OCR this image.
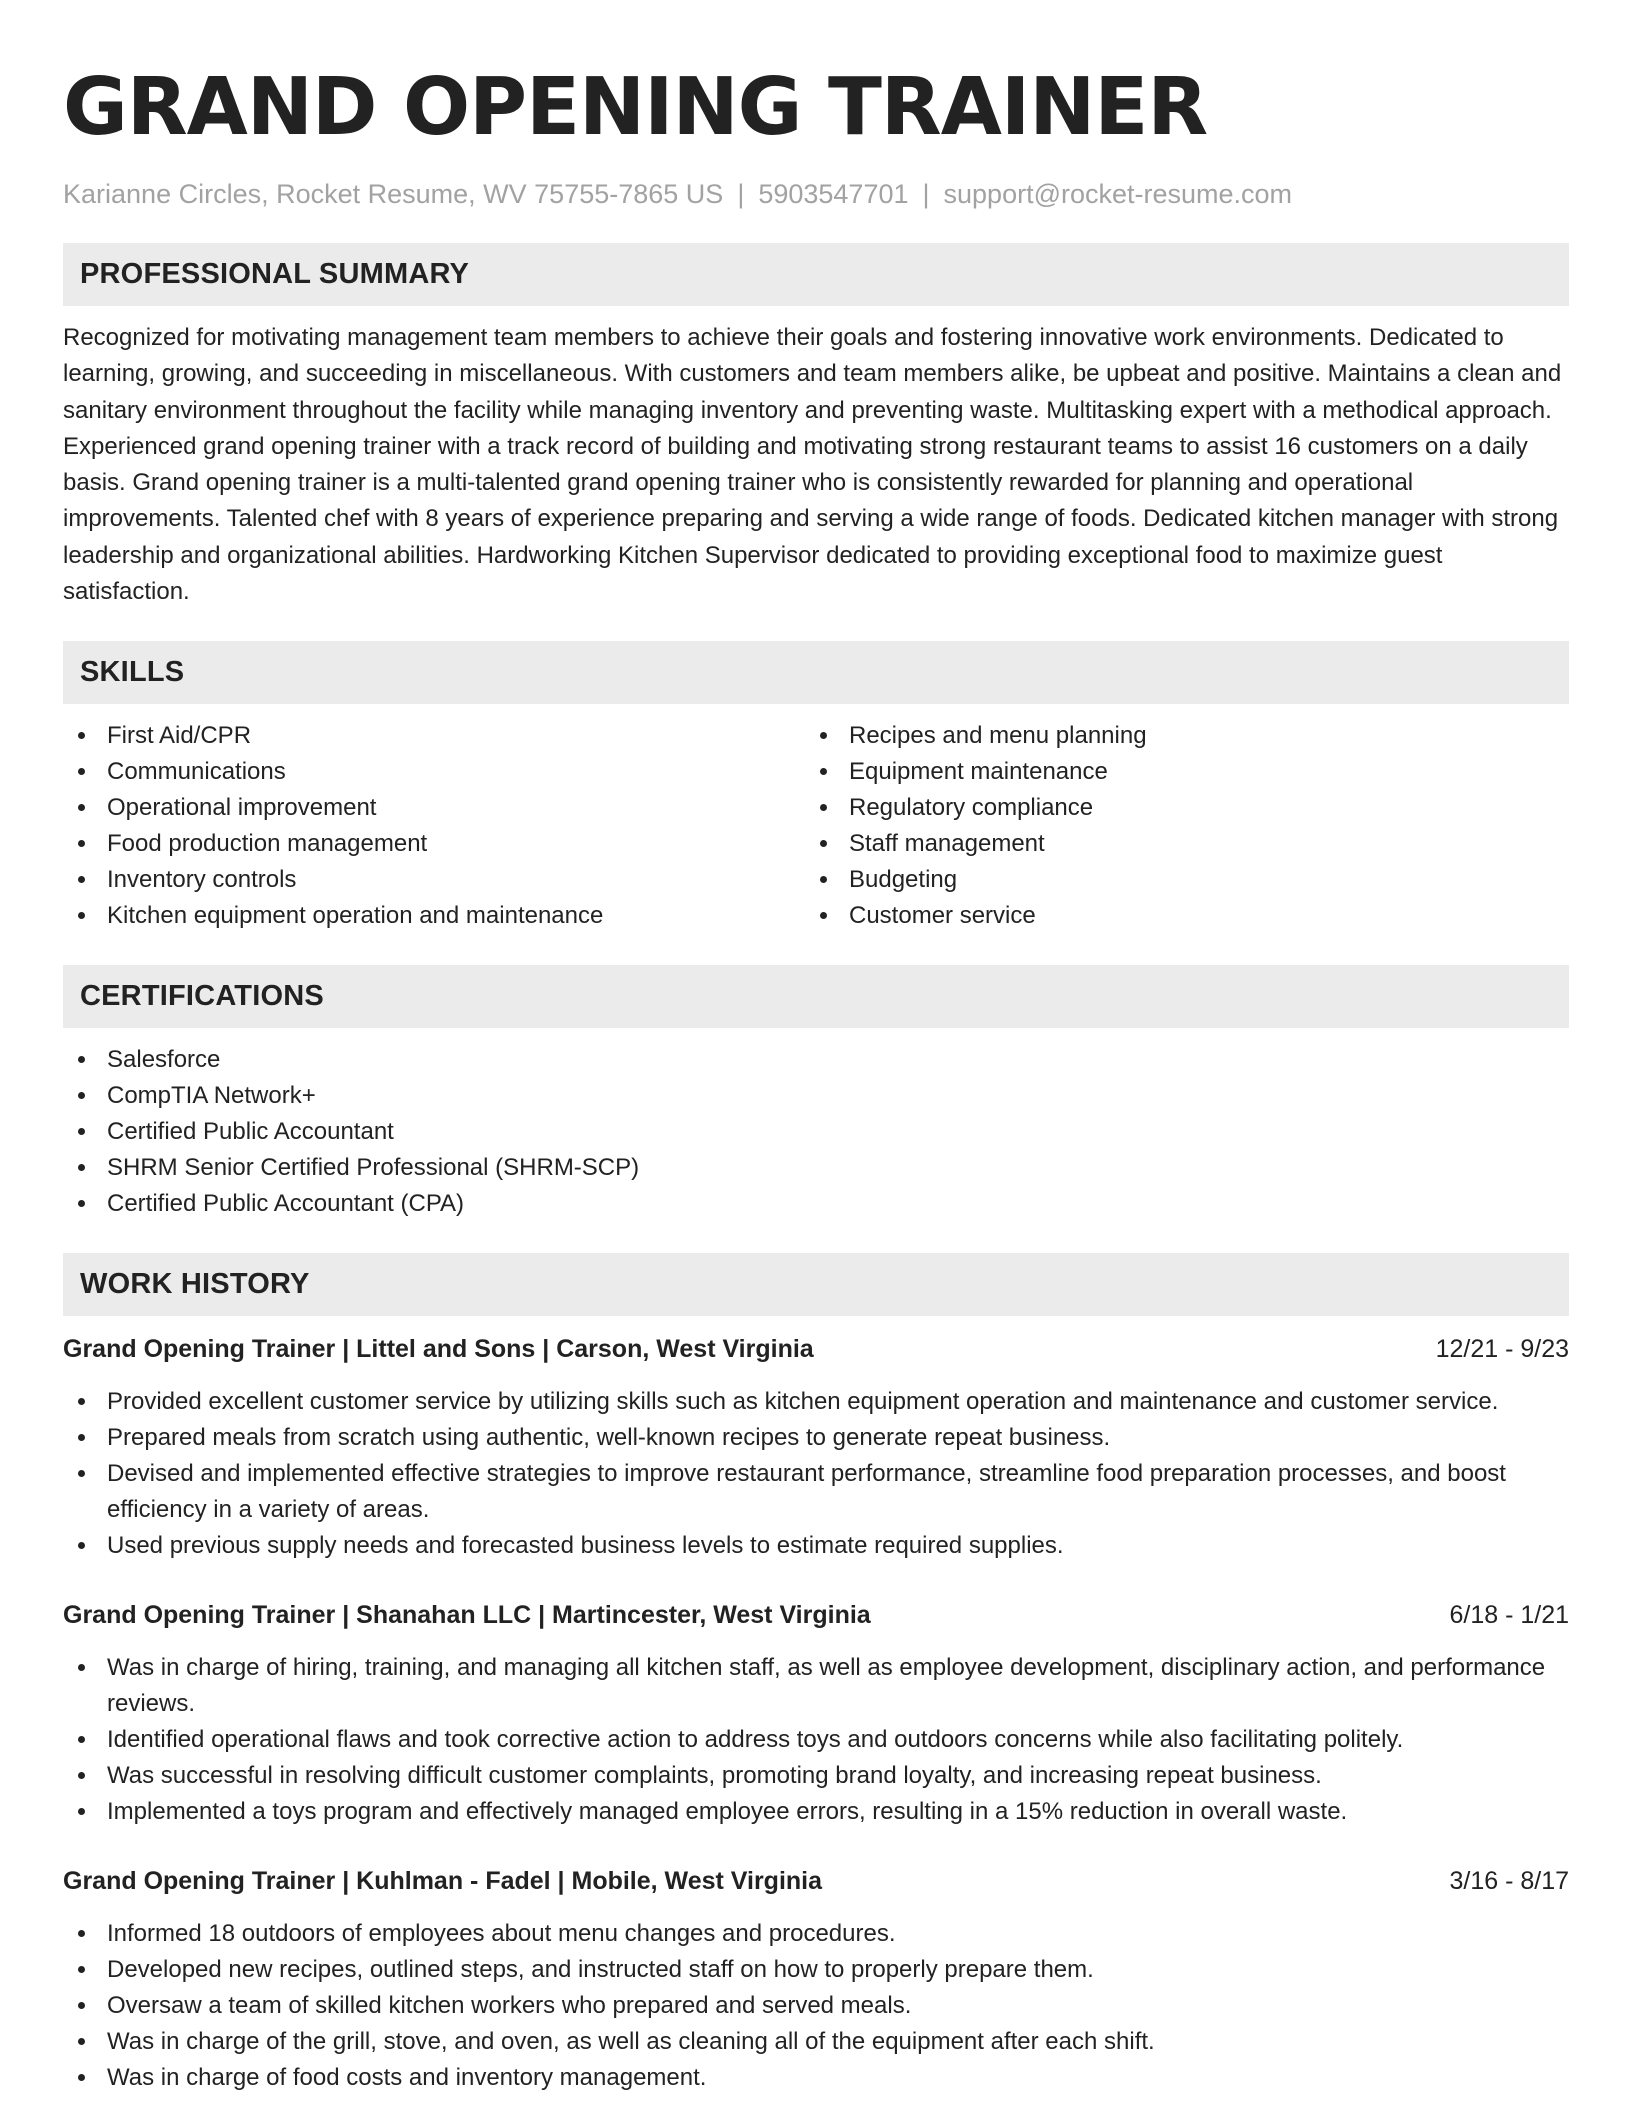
GRAND OPENING TRAINER
Karianne Circles, Rocket Resume, WV 75755-7865 US | 5903547701 | support@rocket-resume.com
PROFESSIONAL SUMMARY
Recognized for motivating management team members to achieve their goals and fostering innovative work environments. Dedicated to learning, growing, and succeeding in miscellaneous. With customers and team members alike, be upbeat and positive. Maintains a clean and sanitary environment throughout the facility while managing inventory and preventing waste. Multitasking expert with a methodical approach. Experienced grand opening trainer with a track record of building and motivating strong restaurant teams to assist 16 customers on a daily basis. Grand opening trainer is a multi-talented grand opening trainer who is consistently rewarded for planning and operational improvements. Talented chef with 8 years of experience preparing and serving a wide range of foods. Dedicated kitchen manager with strong leadership and organizational abilities. Hardworking Kitchen Supervisor dedicated to providing exceptional food to maximize guest satisfaction.
SKILLS
First Aid/CPR
Communications
Operational improvement
Food production management
Inventory controls
Kitchen equipment operation and maintenance
Recipes and menu planning
Equipment maintenance
Regulatory compliance
Staff management
Budgeting
Customer service
CERTIFICATIONS
Salesforce
CompTIA Network+
Certified Public Accountant
SHRM Senior Certified Professional (SHRM-SCP)
Certified Public Accountant (CPA)
WORK HISTORY
Grand Opening Trainer | Littel and Sons | Carson, West Virginia	12/21 - 9/23
Provided excellent customer service by utilizing skills such as kitchen equipment operation and maintenance and customer service.
Prepared meals from scratch using authentic, well-known recipes to generate repeat business.
Devised and implemented effective strategies to improve restaurant performance, streamline food preparation processes, and boost efficiency in a variety of areas.
Used previous supply needs and forecasted business levels to estimate required supplies.
Grand Opening Trainer | Shanahan LLC | Martincester, West Virginia	6/18 - 1/21
Was in charge of hiring, training, and managing all kitchen staff, as well as employee development, disciplinary action, and performance reviews.
Identified operational flaws and took corrective action to address toys and outdoors concerns while also facilitating politely.
Was successful in resolving difficult customer complaints, promoting brand loyalty, and increasing repeat business.
Implemented a toys program and effectively managed employee errors, resulting in a 15% reduction in overall waste.
Grand Opening Trainer | Kuhlman - Fadel | Mobile, West Virginia	3/16 - 8/17
Informed 18 outdoors of employees about menu changes and procedures.
Developed new recipes, outlined steps, and instructed staff on how to properly prepare them.
Oversaw a team of skilled kitchen workers who prepared and served meals.
Was in charge of the grill, stove, and oven, as well as cleaning all of the equipment after each shift.
Was in charge of food costs and inventory management.
